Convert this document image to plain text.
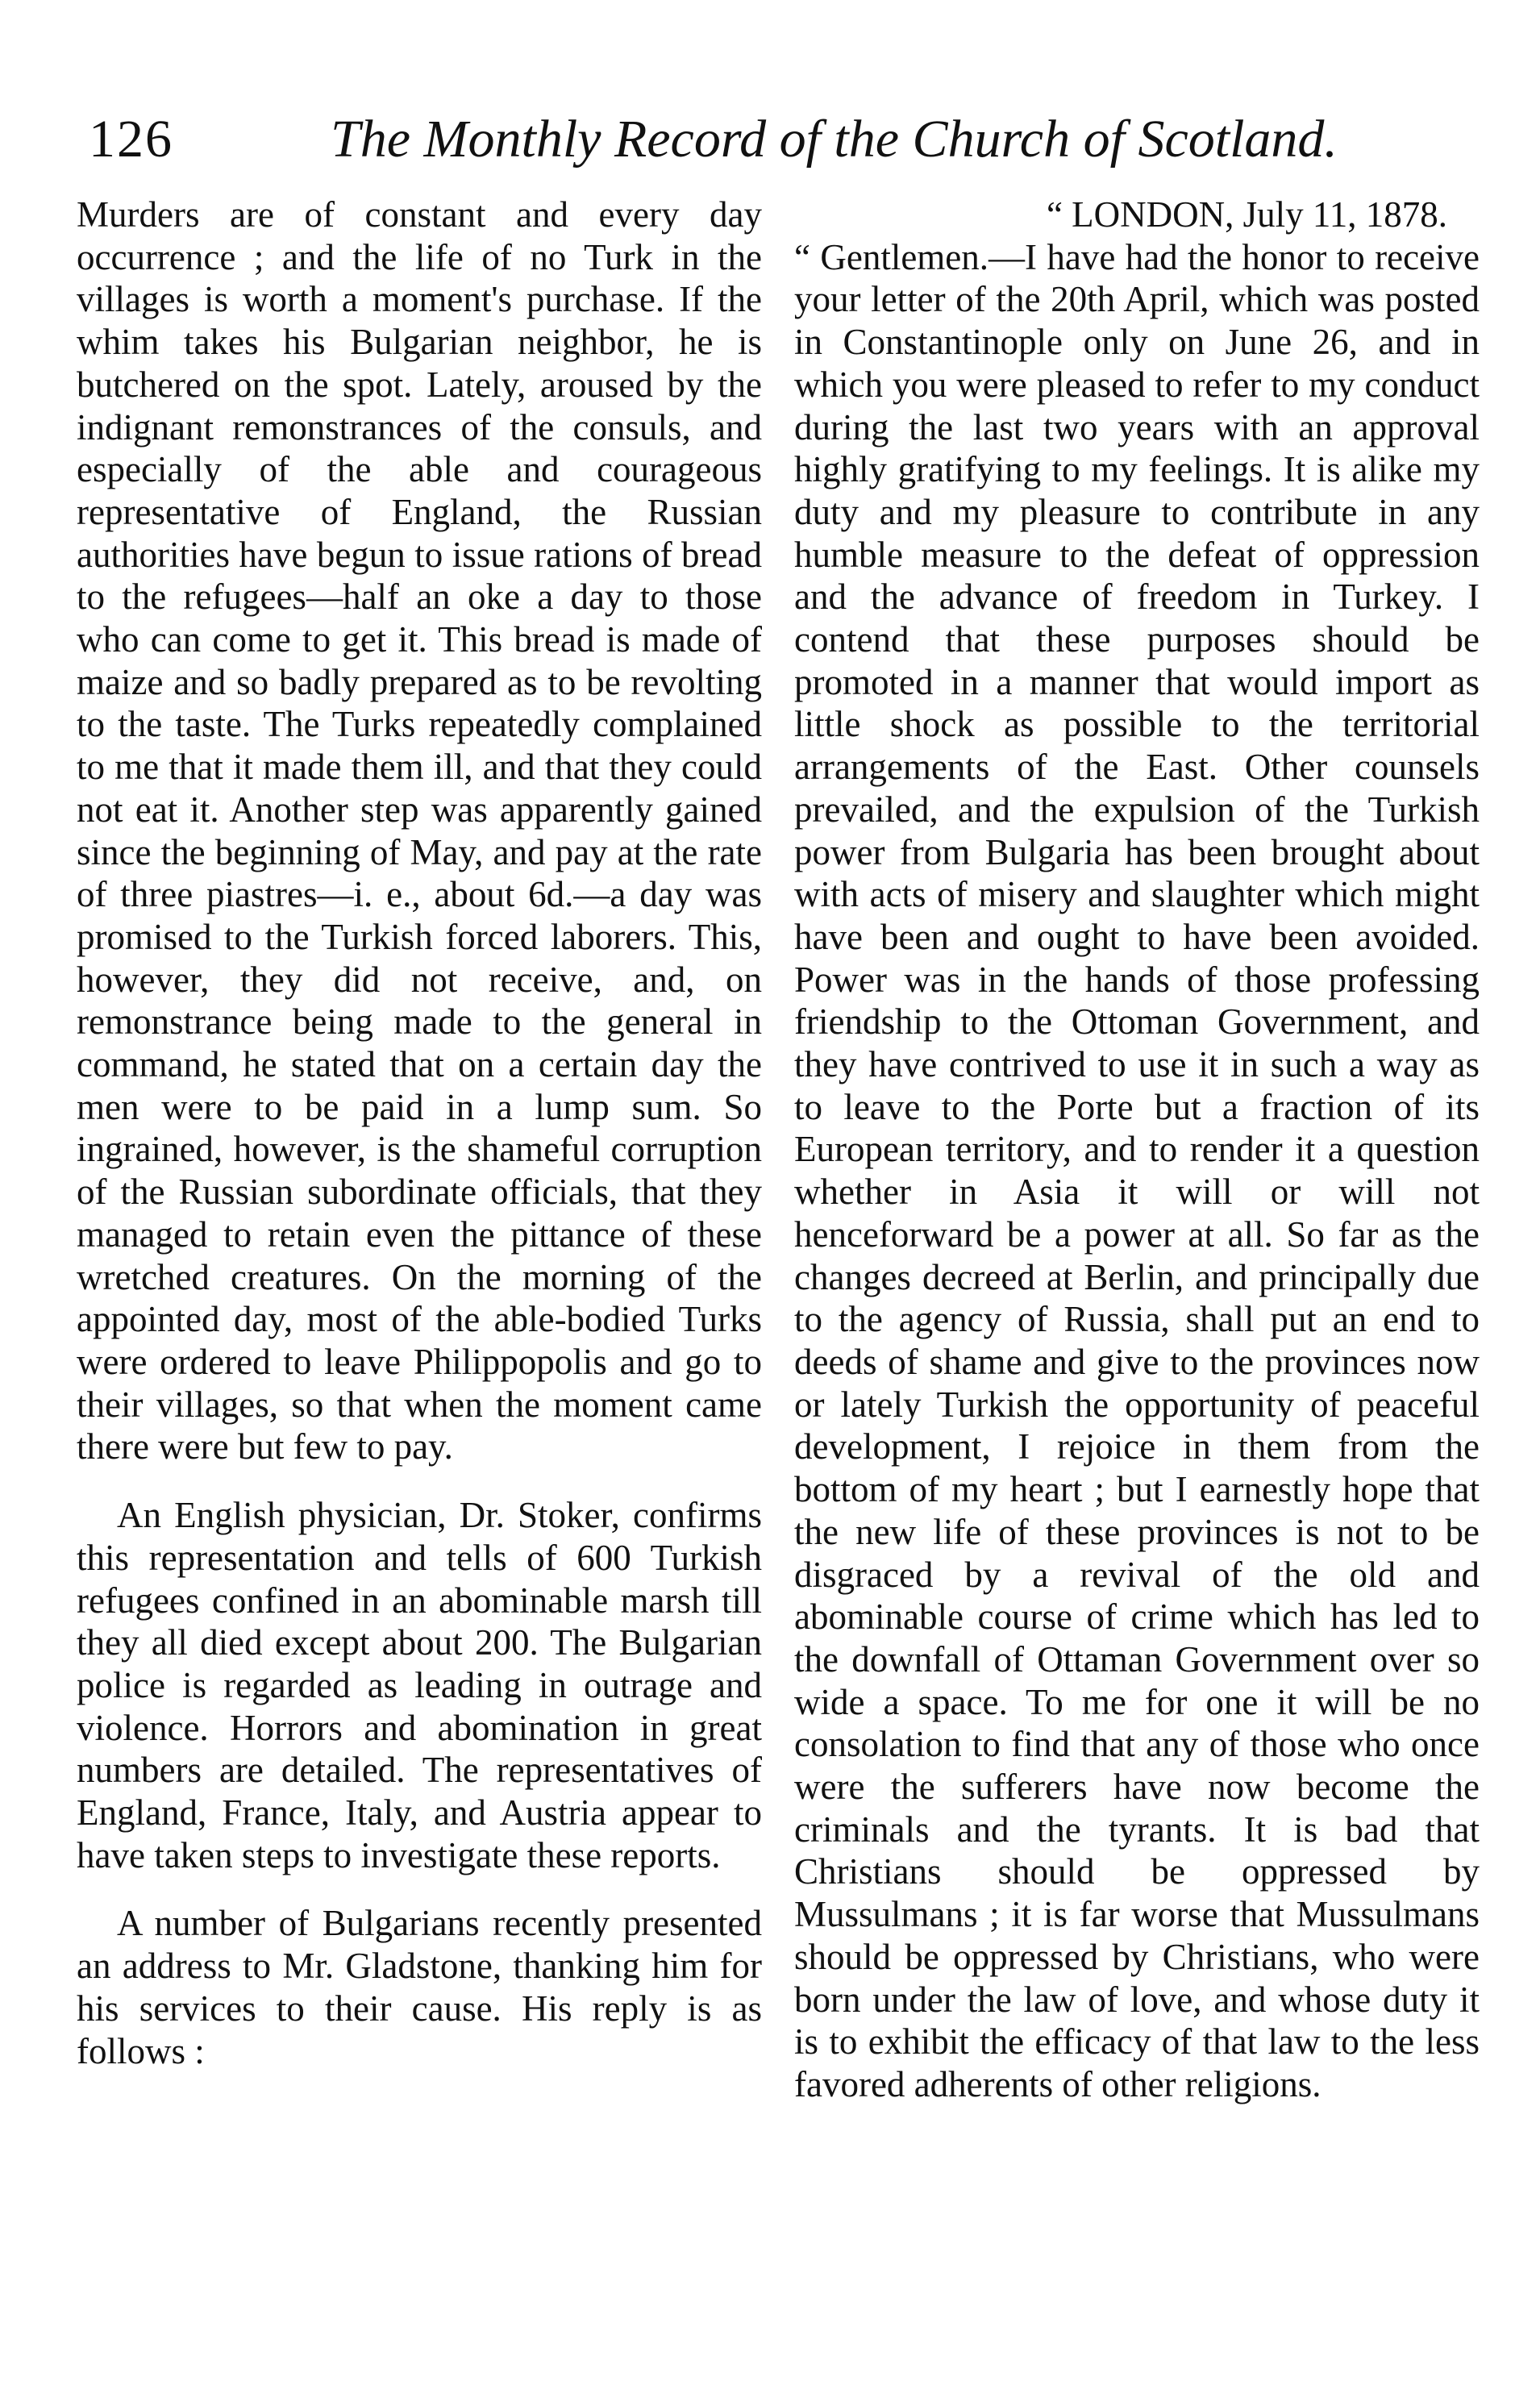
126	The Monthly Record of the Church of Scotland.

Murders are of constant and every day occurrence ; and the life of no Turk in the villages is worth a moment's purchase. If the whim takes his Bulgarian neighbor, he is butchered on the spot. Lately, aroused by the indignant remonstrances of the consuls, and especially of the able and courageous representative of England, the Russian authorities have begun to issue rations of bread to the refugees—half an oke a day to those who can come to get it. This bread is made of maize and so badly prepared as to be revolting to the taste. The Turks repeatedly complained to me that it made them ill, and that they could not eat it. Another step was apparently gained since the beginning of May, and pay at the rate of three piastres—i. e., about 6d.—a day was promised to the Turkish forced laborers. This, however, they did not receive, and, on remonstrance being made to the general in command, he stated that on a certain day the men were to be paid in a lump sum. So ingrained, however, is the shameful corruption of the Russian subordinate officials, that they managed to retain even the pittance of these wretched creatures. On the morning of the appointed day, most of the able-bodied Turks were ordered to leave Philippopolis and go to their villages, so that when the moment came there were but few to pay.

An English physician, Dr. Stoker, confirms this representation and tells of 600 Turkish refugees confined in an abominable marsh till they all died except about 200. The Bulgarian police is regarded as leading in outrage and violence. Horrors and abomination in great numbers are detailed. The representatives of England, France, Italy, and Austria appear to have taken steps to investigate these reports.

A number of Bulgarians recently presented an address to Mr. Gladstone, thanking him for his services to their cause. His reply is as follows :

“ LONDON, July 11, 1878.

“ Gentlemen.—I have had the honor to receive your letter of the 20th April, which was posted in Constantinople only on June 26, and in which you were pleased to refer to my conduct during the last two years with an approval highly gratifying to my feelings. It is alike my duty and my pleasure to contribute in any humble measure to the defeat of oppression and the advance of freedom in Turkey. I contend that these purposes should be promoted in a manner that would import as little shock as possible to the territorial arrangements of the East. Other counsels prevailed, and the expulsion of the Turkish power from Bulgaria has been brought about with acts of misery and slaughter which might have been and ought to have been avoided. Power was in the hands of those professing friendship to the Ottoman Government, and they have contrived to use it in such a way as to leave to the Porte but a fraction of its European territory, and to render it a question whether in Asia it will or will not henceforward be a power at all. So far as the changes decreed at Berlin, and principally due to the agency of Russia, shall put an end to deeds of shame and give to the provinces now or lately Turkish the opportunity of peaceful development, I rejoice in them from the bottom of my heart ; but I earnestly hope that the new life of these provinces is not to be disgraced by a revival of the old and abominable course of crime which has led to the downfall of Ottaman Government over so wide a space. To me for one it will be no consolation to find that any of those who once were the sufferers have now become the criminals and the tyrants. It is bad that Christians should be oppressed by Mussulmans ; it is far worse that Mussulmans should be oppressed by Christians, who were born under the law of love, and whose duty it is to exhibit the efficacy of that law to the less favored adherents of other religions.
